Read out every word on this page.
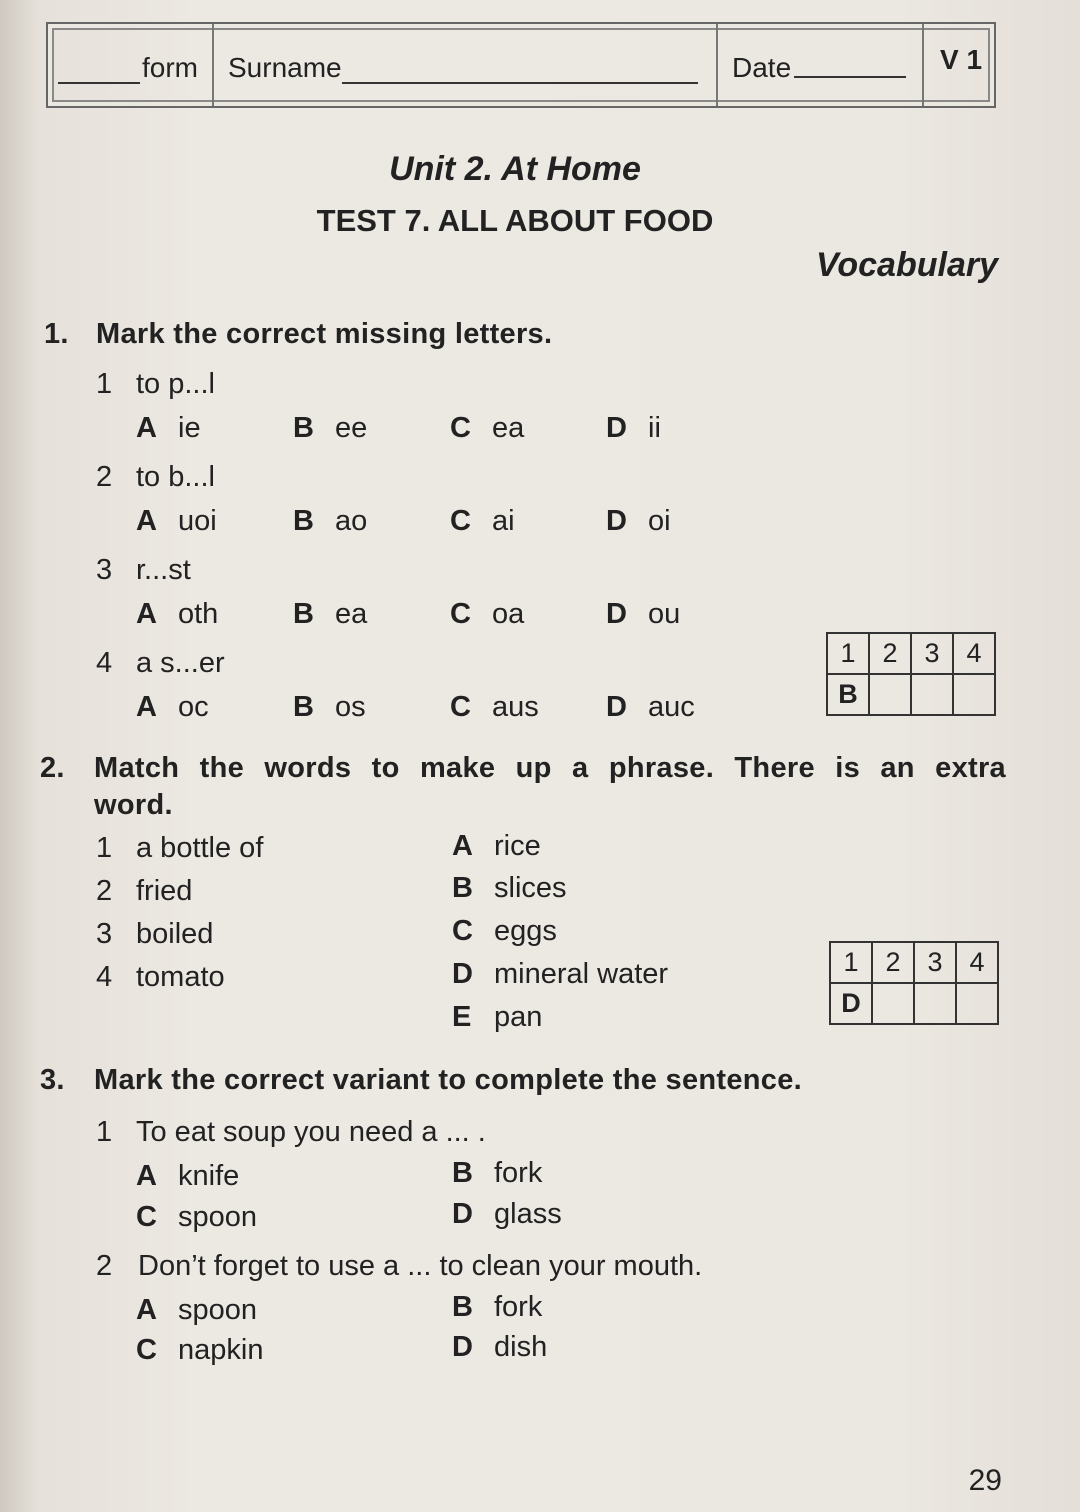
form Surname	Date	V 1
Unit 2. At Home
TEST 7. ALL ABOUT FOOD
Vocabulary
1. Mark the correct missing letters.
1 to p...l
A ie	B ee	C ea	D ii
2 to b...l
A uoi	B ao	C ai	D oi
3 r...st
A oth	B ea	C oa	D ou
4 a s...er
A oc	B os	C aus D auc
1	2	3	4
B			
2. Match the words to make up a phrase. There is an extra
word.
1 a bottle of
2 fried
3 boiled
4 tomato
A rice
B slices
C eggs
D mineral water
E pan
1	2	3	4
D			
3. Mark the correct variant to complete the sentence.
1 To eat soup you need a ... .
A knife	B fork
C spoon	D glass
2 Don’t forget to use a ... to clean your mouth.
A spoon	B fork
C napkin	D dish
29
